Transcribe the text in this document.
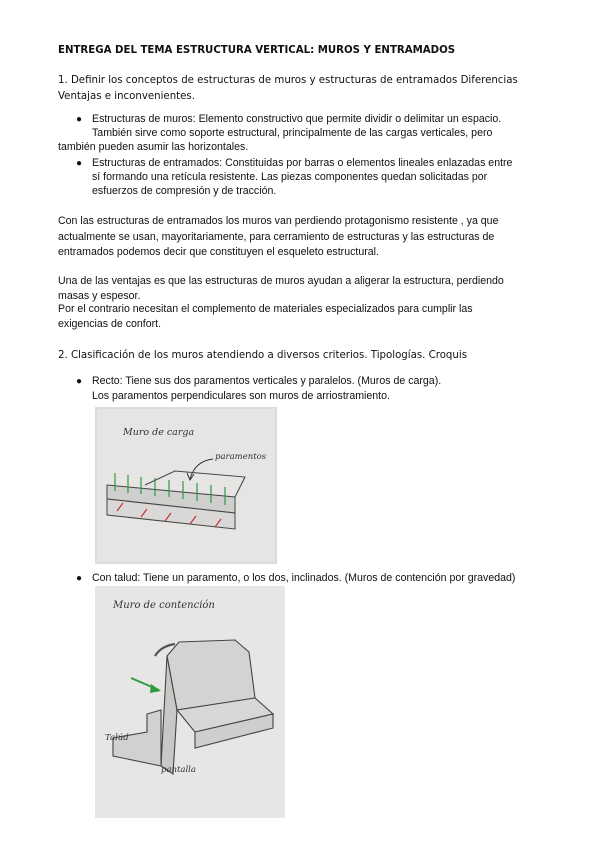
ENTREGA DEL TEMA ESTRUCTURA VERTICAL: MUROS Y ENTRAMADOS
1. Definir los conceptos de estructuras de muros y estructuras de entramados Diferencias
Ventajas e inconvenientes.
● Estructuras de muros: Elemento constructivo que permite dividir o delimitar un espacio.
También sirve como soporte estructural, principalmente de las cargas verticales, pero
también pueden asumir las horizontales.
● Estructuras de entramados: Constituidas por barras o elementos lineales enlazadas entre
sí formando una retícula resistente. Las piezas componentes quedan solicitadas por
esfuerzos de compresión y de tracción.
Con las estructuras de entramados los muros van perdiendo protagonismo resistente , ya que
actualmente se usan, mayoritariamente, para cerramiento de estructuras y las estructuras de
entramados podemos decir que constituyen el esqueleto estructural.
Una de las ventajas es que las estructuras de muros ayudan a aligerar la estructura, perdiendo
masas y espesor.
Por el contrario necesitan el complemento de materiales especializados para cumplir las
exigencias de confort.
2. Clasificación de los muros atendiendo a diversos criterios. Tipologías. Croquis
● Recto: Tiene sus dos paramentos verticales y paralelos. (Muros de carga).
Los paramentos perpendiculares son muros de arriostramiento.
Muro de carga
paramentos
● Con talud: Tiene un paramento, o los dos, inclinados. (Muros de contención por gravedad)
Muro de contención
Talúd
pantalla
